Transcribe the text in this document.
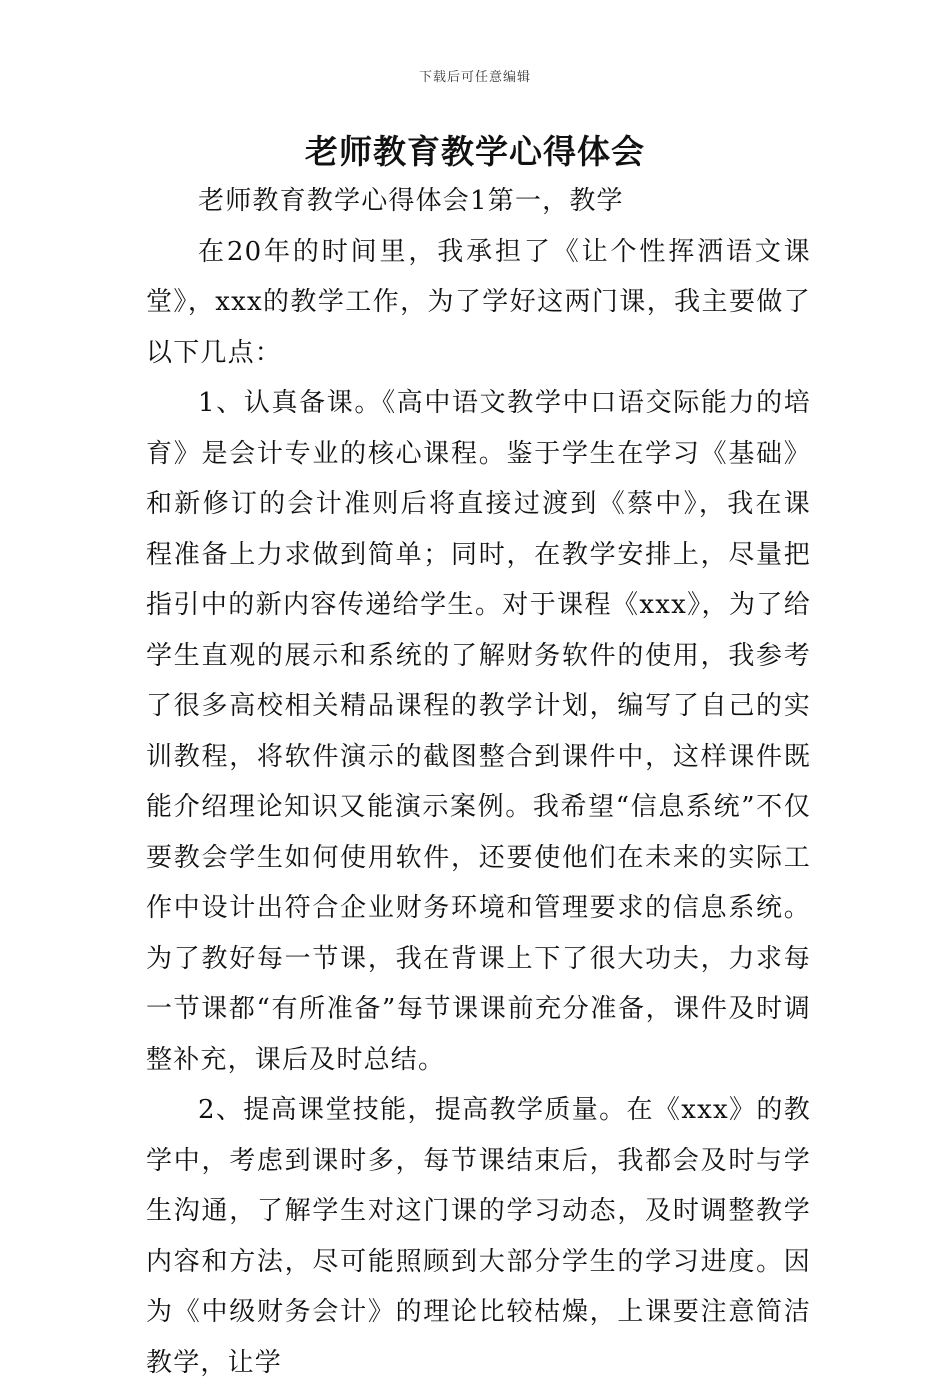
下载后可任意编辑
老师教育教学心得体会

老师教育教学心得体会1第一，教学

在20年的时间里，我承担了《让个性挥洒语文课堂》，xxx的教学工作，为了学好这两门课，我主要做了以下几点：

1、认真备课。《高中语文教学中口语交际能力的培育》是会计专业的核心课程。鉴于学生在学习《基础》和新修订的会计准则后将直接过渡到《蔡中》，我在课程准备上力求做到简单；同时，在教学安排上，尽量把指引中的新内容传递给学生。对于课程《xxx》，为了给学生直观的展示和系统的了解财务软件的使用，我参考了很多高校相关精品课程的教学计划，编写了自己的实训教程，将软件演示的截图整合到课件中，这样课件既能介绍理论知识又能演示案例。我希望“信息系统”不仅要教会学生如何使用软件，还要使他们在未来的实际工作中设计出符合企业财务环境和管理要求的信息系统。为了教好每一节课，我在背课上下了很大功夫，力求每一节课都“有所准备”每节课课前充分准备，课件及时调整补充，课后及时总结。

2、提高课堂技能，提高教学质量。在《xxx》的教学中，考虑到课时多，每节课结束后，我都会及时与学生沟通，了解学生对这门课的学习动态，及时调整教学内容和方法，尽可能照顾到大部分学生的学习进度。因为《中级财务会计》的理论比较枯燥，上课要注意简洁教学，让学
